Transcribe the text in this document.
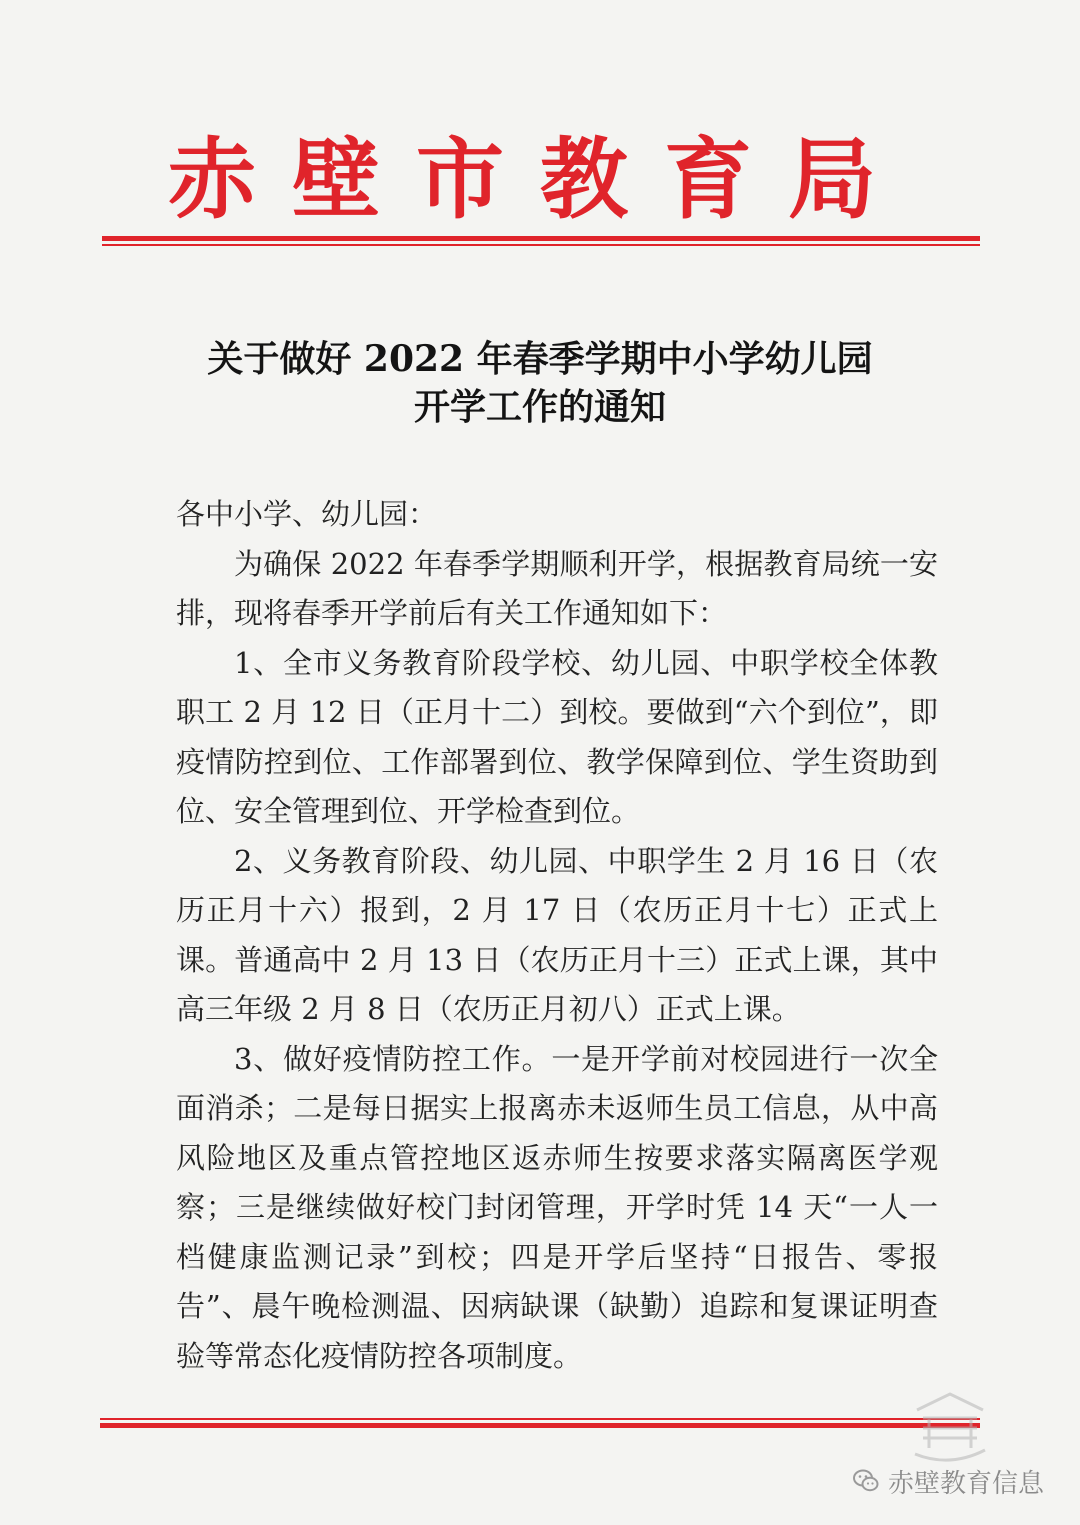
赤壁市教育局
关于做好 2022 年春季学期中小学幼儿园
开学工作的通知

各中小学、幼儿园：

为确保 2022 年春季学期顺利开学，根据教育局统一安排，现将春季开学前后有关工作通知如下：

1、全市义务教育阶段学校、幼儿园、中职学校全体教职工 2 月 12 日（正月十二）到校。要做到“六个到位”，即疫情防控到位、工作部署到位、教学保障到位、学生资助到位、安全管理到位、开学检查到位。

2、义务教育阶段、幼儿园、中职学生 2 月 16 日（农历正月十六）报到，2 月 17 日（农历正月十七）正式上课。普通高中 2 月 13 日（农历正月十三）正式上课，其中高三年级 2 月 8 日（农历正月初八）正式上课。

3、做好疫情防控工作。一是开学前对校园进行一次全面消杀；二是每日据实上报离赤未返师生员工信息，从中高风险地区及重点管控地区返赤师生按要求落实隔离医学观察；三是继续做好校门封闭管理，开学时凭 14 天“一人一档健康监测记录”到校；四是开学后坚持“日报告、零报告”、晨午晚检测温、因病缺课（缺勤）追踪和复课证明查验等常态化疫情防控各项制度。

赤壁教育信息
